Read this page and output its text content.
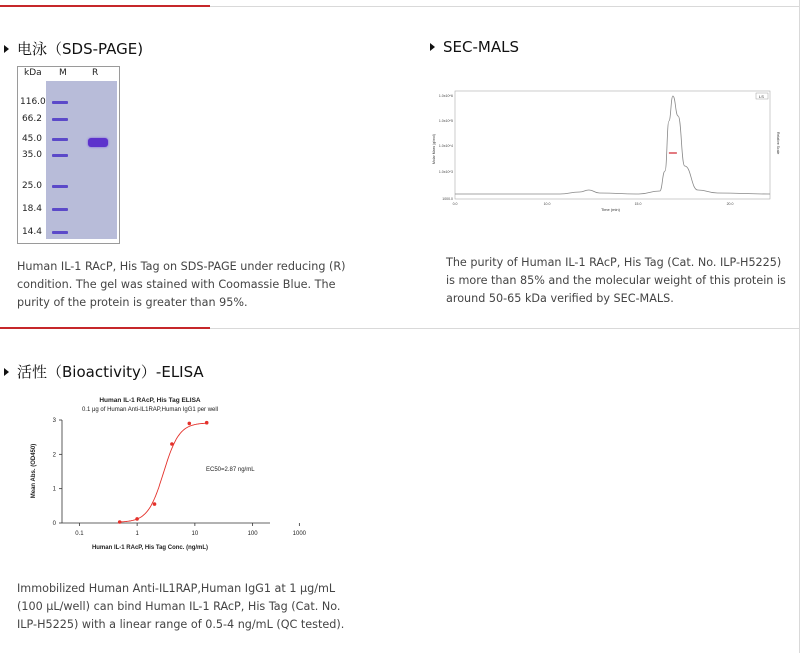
电泳（SDS-PAGE)
kDa M	R
116.0
66.2
45.0
35.0
25.0
18.4
14.4
Human IL-1 RAcP, His Tag on SDS-PAGE under reducing (R) condition. The gel was stained with Coomassie Blue. The purity of the protein is greater than 95%.
SEC-MALS
LS
Molar Mass (g/mol)	Relative Scale
Time (min)
1.0x10^6
1.0x10^5
1.0x10^4
1.0x10^3
1000.0
0.0	10.0	15.0	20.0
The purity of Human IL-1 RAcP, His Tag (Cat. No. ILP-H5225) is more than 85% and the molecular weight of this protein is around 50-65 kDa verified by SEC-MALS.
活性（Bioactivity）-ELISA
Human IL-1 RAcP, His Tag ELISA
0.1 μg of Human Anti-IL1RAP,Human IgG1 per well
Mean Abs. (OD450)
Human IL-1 RAcP, His Tag Conc. (ng/mL)
EC50=2.87 ng/mL
0
1
2
3
0.1	1	10	100	1000
Immobilized Human Anti-IL1RAP,Human IgG1 at 1 μg/mL (100 μL/well) can bind Human IL-1 RAcP, His Tag (Cat. No. ILP-H5225) with a linear range of 0.5-4 ng/mL (QC tested).
